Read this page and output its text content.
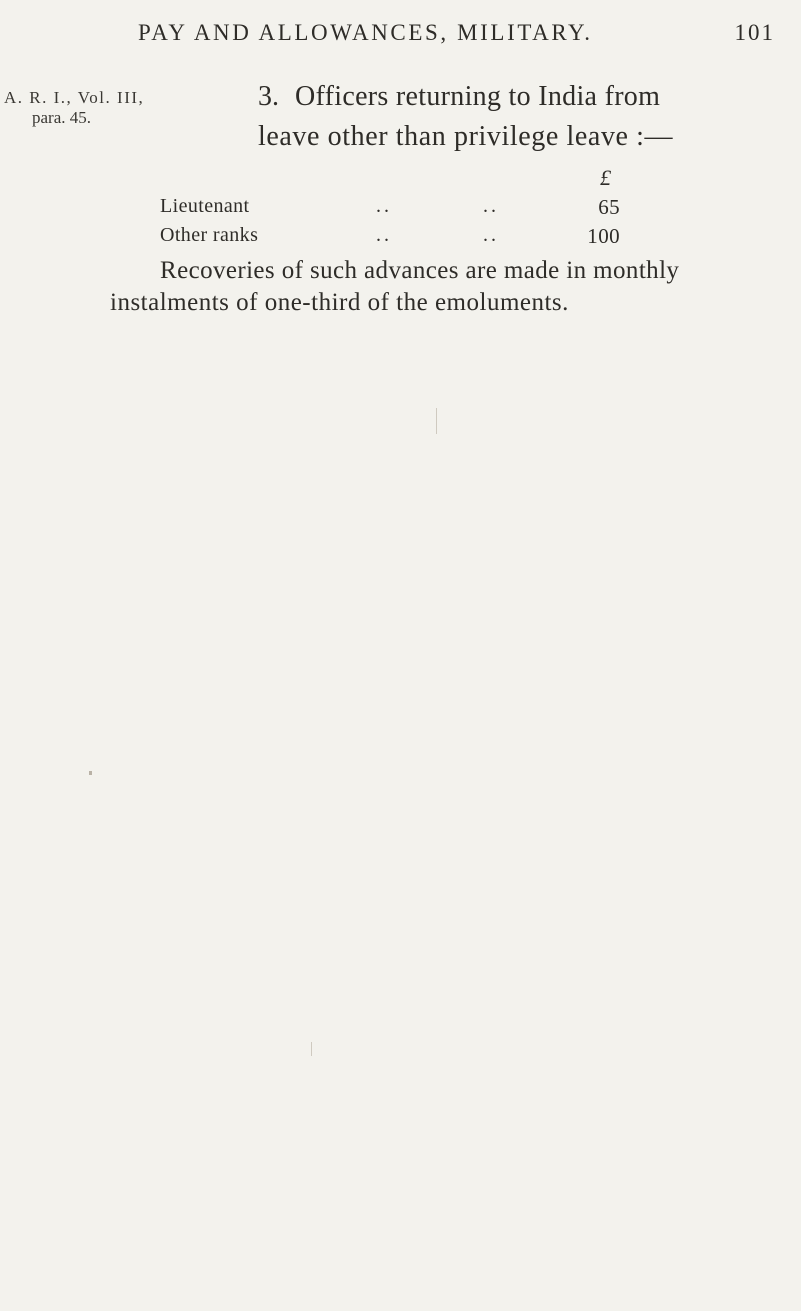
PAY AND ALLOWANCES, MILITARY.	101
A. R. I., Vol. III,
para. 45.
3. Officers returning to India from
leave other than privilege leave :—
£
Lieutenant	..	..	65
Other ranks	..	..	100
Recoveries of such advances are made in monthly
instalments of one-third of the emoluments.
